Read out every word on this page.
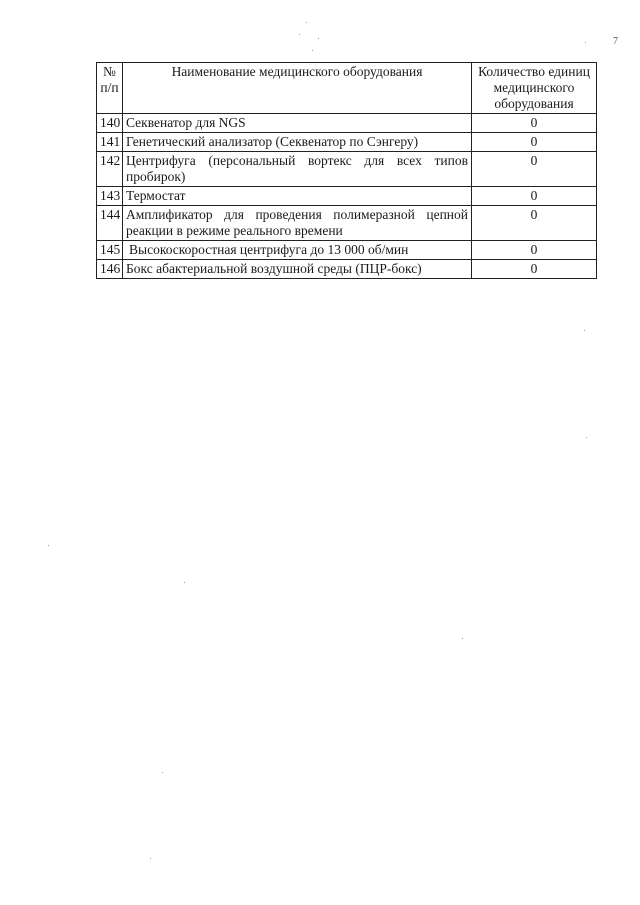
7
№ п/п	Наименование медицинского оборудования	Количество единиц медицинского оборудования
140	Секвенатор для NGS	0
141	Генетический анализатор (Секвенатор по Сэнгеру)	0
142	Центрифуга (персональный вортекс для всех типов пробирок)	0
143	Термостат	0
144	Амплификатор для проведения полимеразной цепной реакции в режиме реального времени	0
145	Высокоскоростная центрифуга до 13 000 об/мин	0
146	Бокс абактериальной воздушной среды (ПЦР-бокс)	0
